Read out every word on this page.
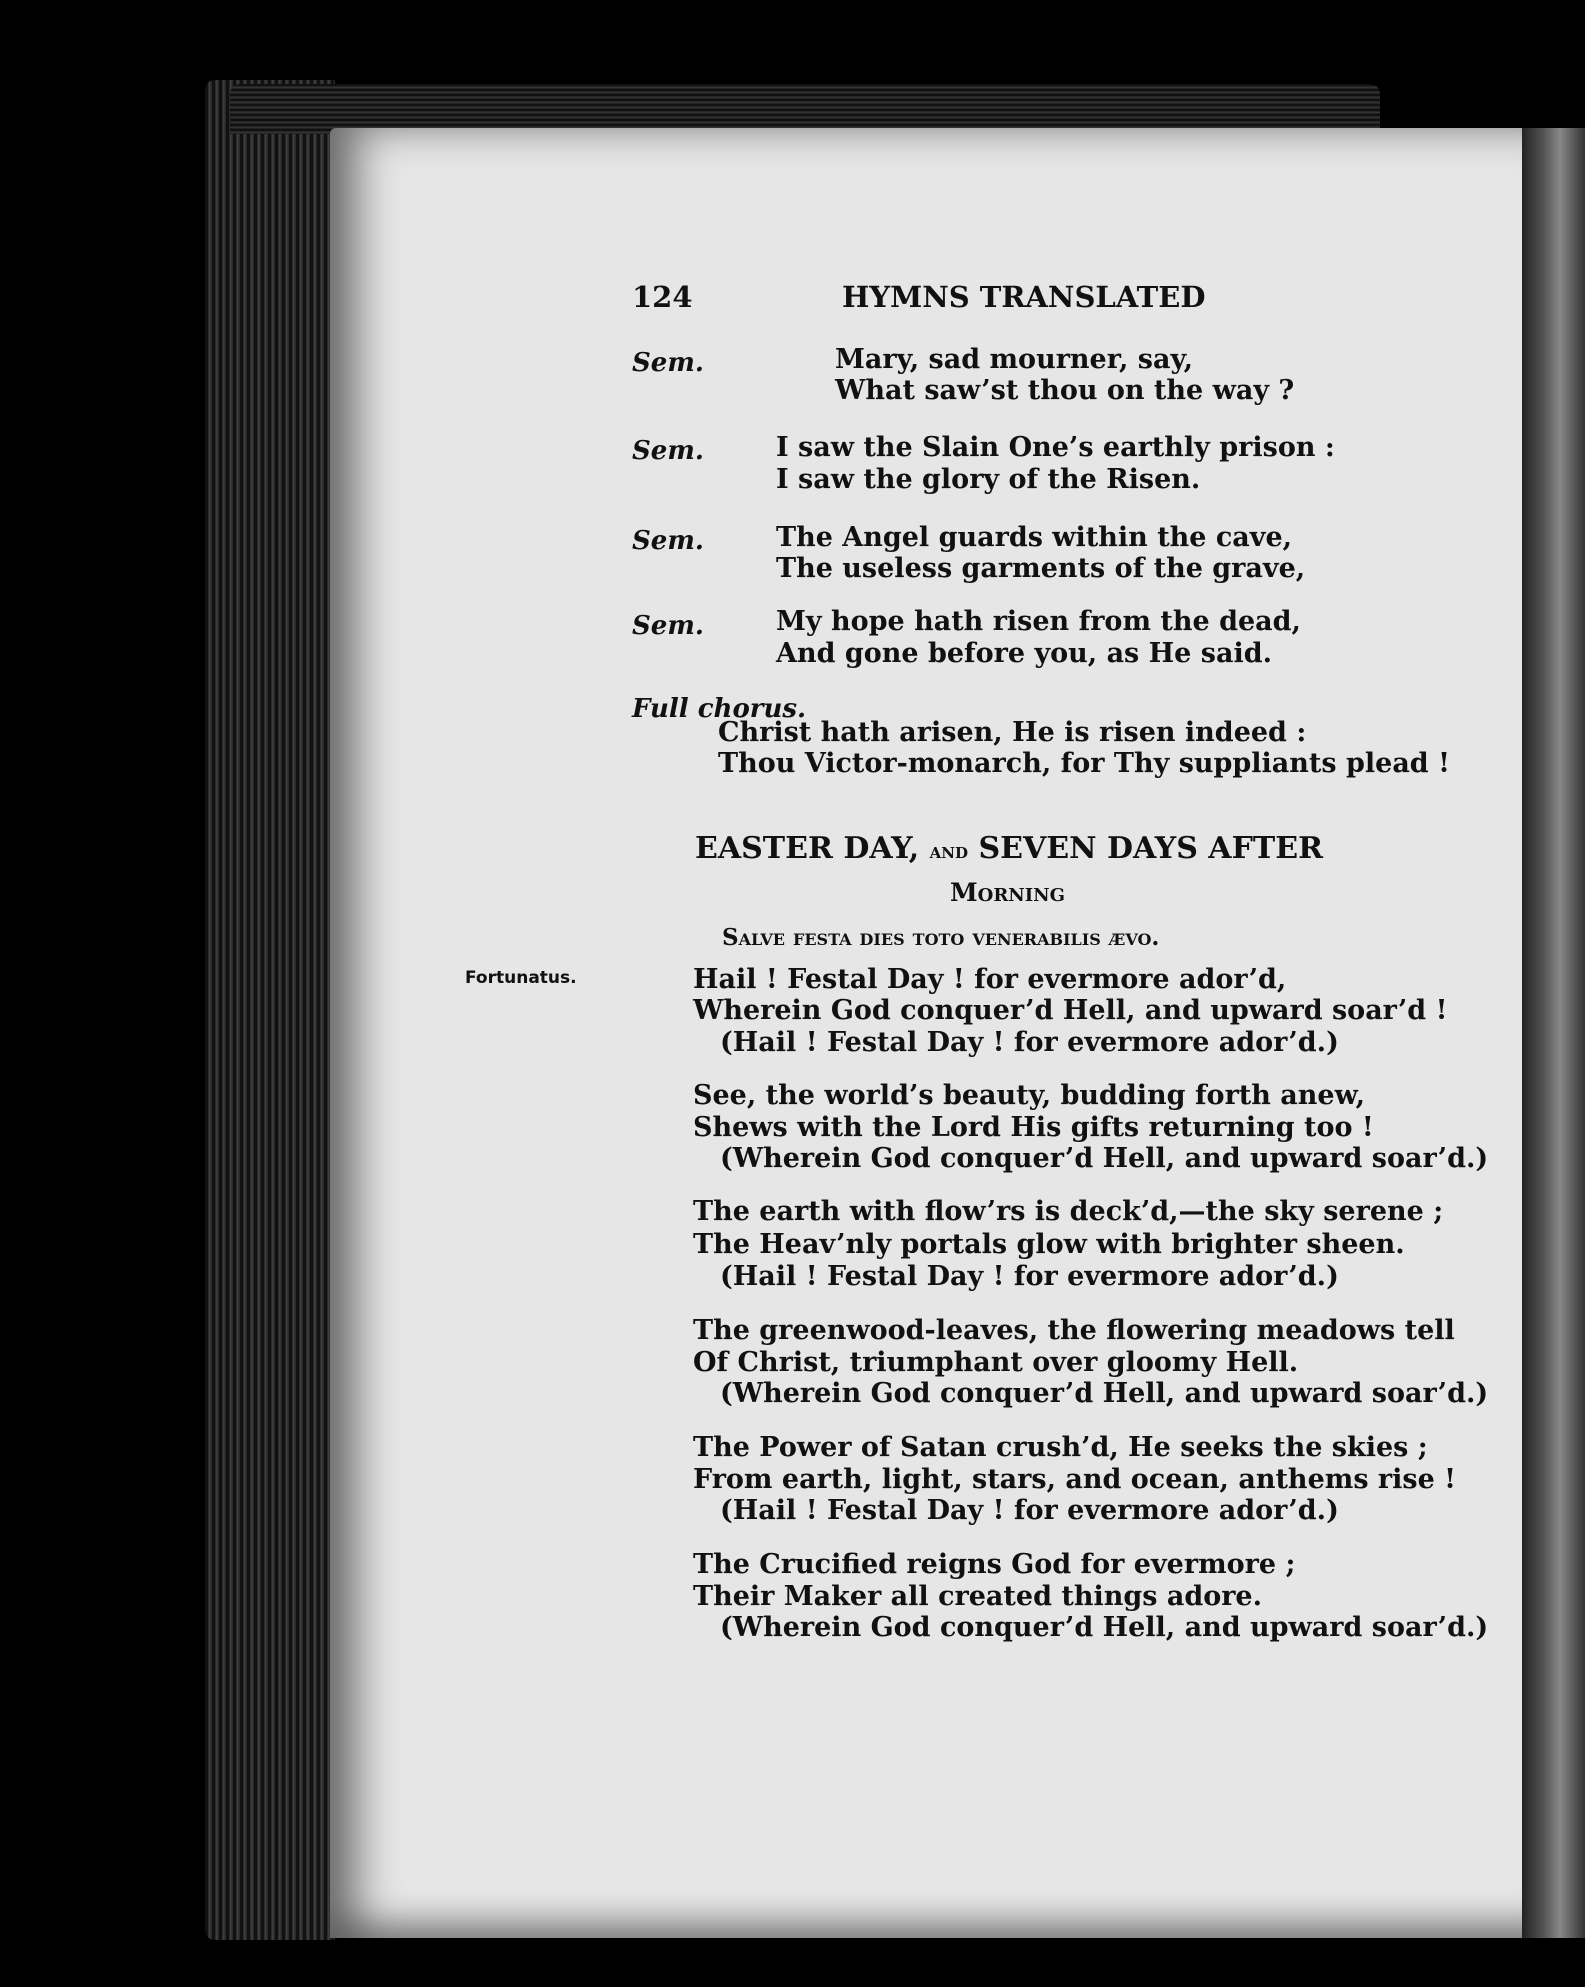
124	HYMNS TRANSLATED
Sem.	Mary, sad mourner, say,
What saw’st thou on the way ?
Sem.	I saw the Slain One’s earthly prison :
I saw the glory of the Risen.
Sem.	The Angel guards within the cave,
The useless garments of the grave,
Sem.	My hope hath risen from the dead,
And gone before you, as He said.
Full chorus.
Christ hath arisen, He is risen indeed :
Thou Victor-monarch, for Thy suppliants plead !
EASTER DAY, and SEVEN DAYS AFTER
Morning
Salve festa dies toto venerabilis ævo.
Fortunatus.	Hail ! Festal Day ! for evermore ador’d,
Wherein God conquer’d Hell, and upward soar’d !
(Hail ! Festal Day ! for evermore ador’d.)
See, the world’s beauty, budding forth anew,
Shews with the Lord His gifts returning too !
(Wherein God conquer’d Hell, and upward soar’d.)
The earth with flow’rs is deck’d,—the sky serene ;
The Heav’nly portals glow with brighter sheen.
(Hail ! Festal Day ! for evermore ador’d.)
The greenwood-leaves, the flowering meadows tell
Of Christ, triumphant over gloomy Hell.
(Wherein God conquer’d Hell, and upward soar’d.)
The Power of Satan crush’d, He seeks the skies ;
From earth, light, stars, and ocean, anthems rise !
(Hail ! Festal Day ! for evermore ador’d.)
The Crucified reigns God for evermore ;
Their Maker all created things adore.
(Wherein God conquer’d Hell, and upward soar’d.)
